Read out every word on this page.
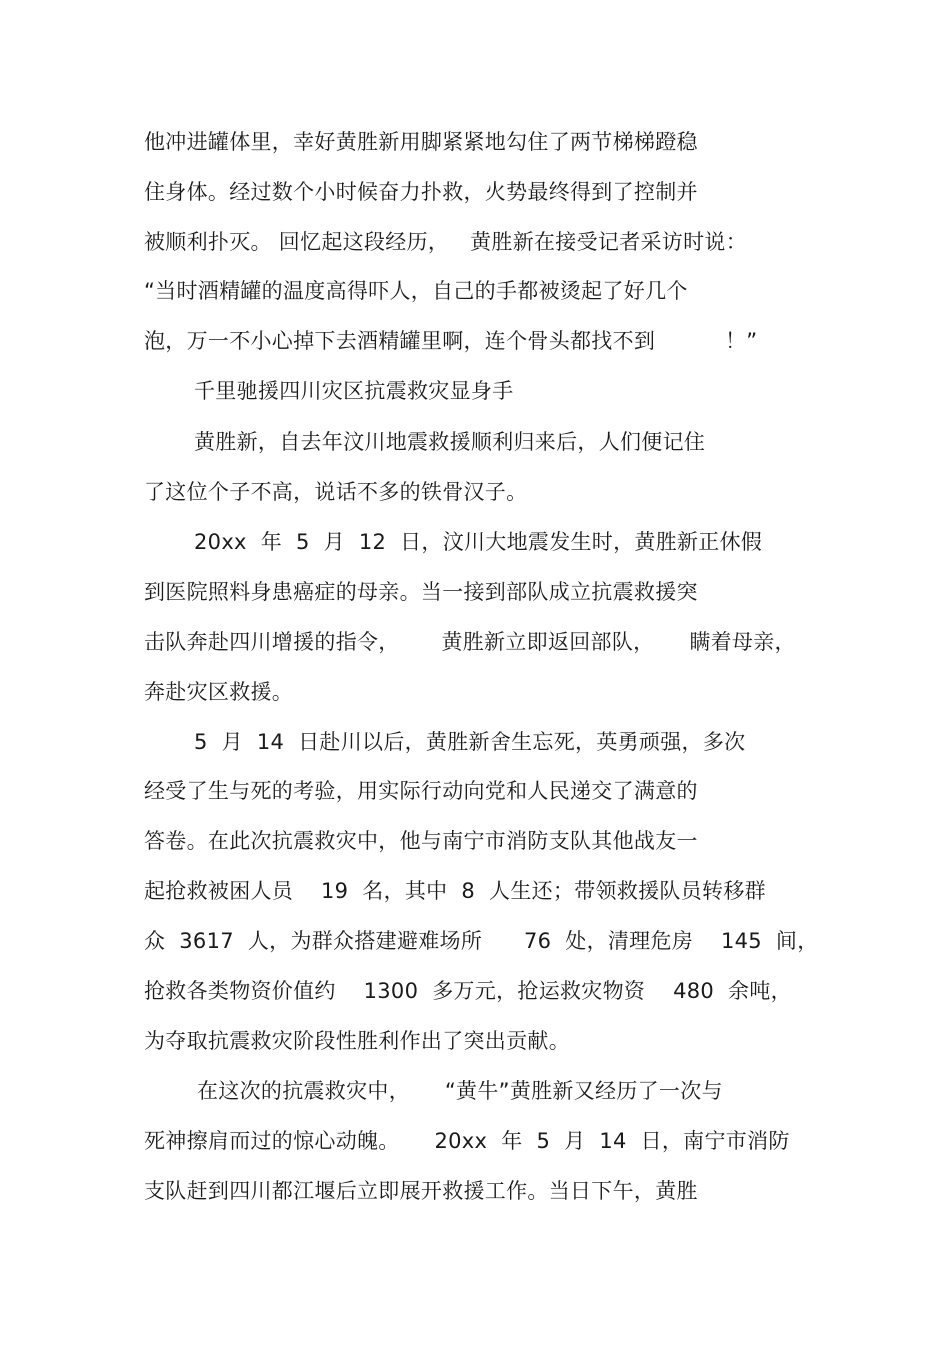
他冲进罐体里，幸好黄胜新用脚紧紧地勾住了两节梯梯蹬稳
住身体。经过数个小时候奋力扑救，火势最终得到了控制并
被顺利扑灭。 回忆起这段经历，   黄胜新在接受记者采访时说：
“当时酒精罐的温度高得吓人，自己的手都被烫起了好几个
泡，万一不小心掉下去酒精罐里啊，连个骨头都找不到          ！”
千里驰援四川灾区抗震救灾显身手
黄胜新，自去年汶川地震救援顺利归来后，人们便记住
了这位个子不高，说话不多的铁骨汉子。
20xx  年  5  月  12  日，汶川大地震发生时，黄胜新正休假
到医院照料身患癌症的母亲。当一接到部队成立抗震救援突
击队奔赴四川增援的指令，      黄胜新立即返回部队，     瞒着母亲，
奔赴灾区救援。
5  月  14  日赴川以后，黄胜新舍生忘死，英勇顽强，多次
经受了生与死的考验，用实际行动向党和人民递交了满意的
答卷。在此次抗震救灾中，他与南宁市消防支队其他战友一
起抢救被困人员    19  名，其中  8  人生还；带领救援队员转移群
众  3617  人，为群众搭建避难场所      76  处，清理危房    145  间，
抢救各类物资价值约    1300  多万元，抢运救灾物资    480  余吨，
为夺取抗震救灾阶段性胜利作出了突出贡献。
在这次的抗震救灾中，     “黄牛”黄胜新又经历了一次与
死神擦肩而过的惊心动魄。     20xx  年  5  月  14  日，南宁市消防
支队赶到四川都江堰后立即展开救援工作。当日下午，黄胜
